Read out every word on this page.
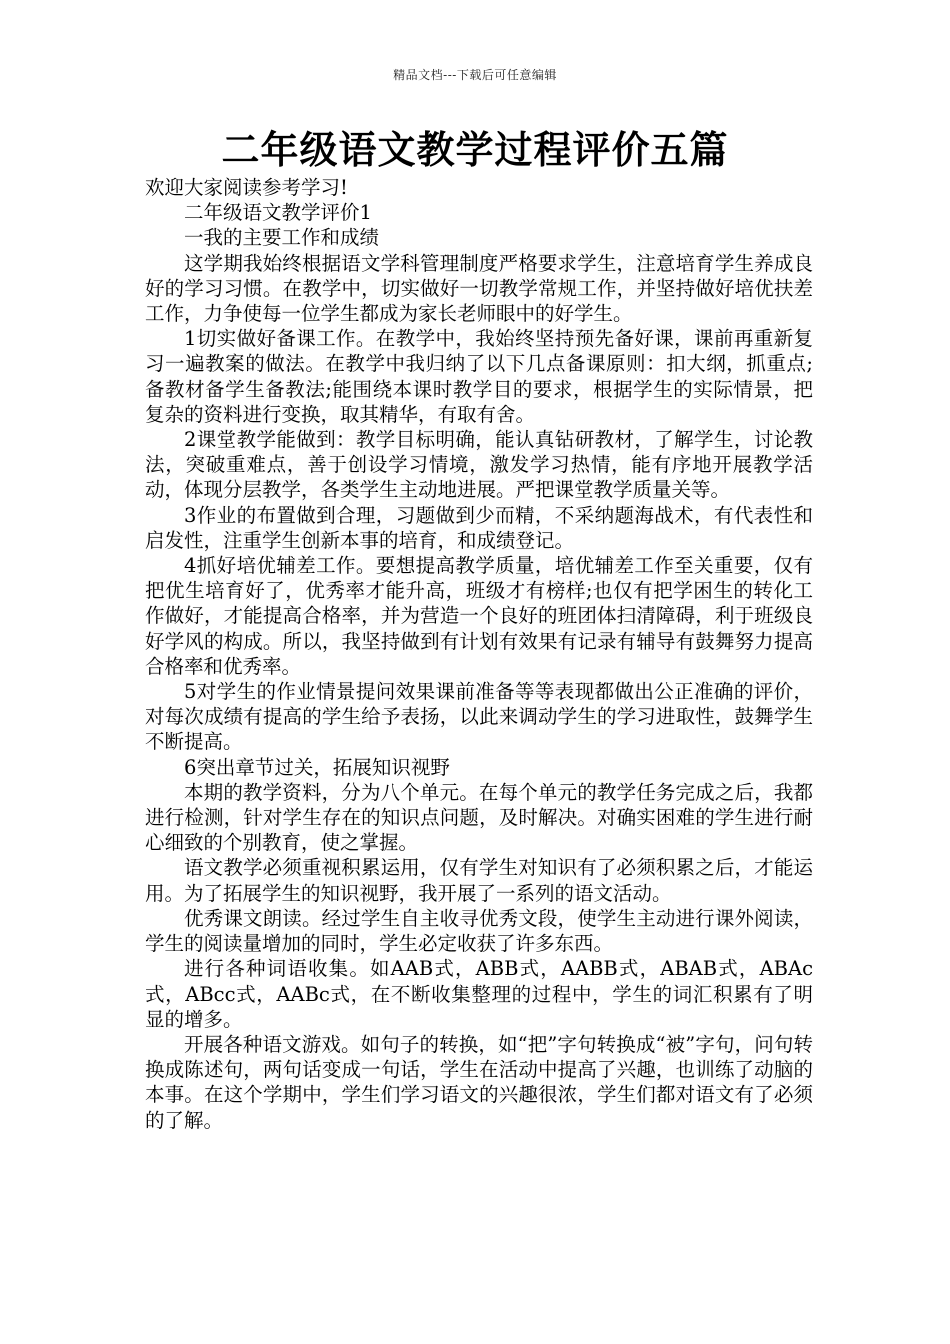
精品文档---下载后可任意编辑
二年级语文教学过程评价五篇

欢迎大家阅读参考学习!

二年级语文教学评价1

一我的主要工作和成绩

这学期我始终根据语文学科管理制度严格要求学生，注意培育学生养成良好的学习习惯。在教学中，切实做好一切教学常规工作，并坚持做好培优扶差工作，力争使每一位学生都成为家长老师眼中的好学生。

1切实做好备课工作。在教学中，我始终坚持预先备好课，课前再重新复习一遍教案的做法。在教学中我归纳了以下几点备课原则：扣大纲，抓重点;备教材备学生备教法;能围绕本课时教学目的要求，根据学生的实际情景，把复杂的资料进行变换，取其精华，有取有舍。

2课堂教学能做到：教学目标明确，能认真钻研教材，了解学生，讨论教法，突破重难点，善于创设学习情境，激发学习热情，能有序地开展教学活动，体现分层教学，各类学生主动地进展。严把课堂教学质量关等。

3作业的布置做到合理，习题做到少而精，不采纳题海战术，有代表性和启发性，注重学生创新本事的培育，和成绩登记。

4抓好培优辅差工作。要想提高教学质量，培优辅差工作至关重要，仅有把优生培育好了，优秀率才能升高，班级才有榜样;也仅有把学困生的转化工作做好，才能提高合格率，并为营造一个良好的班团体扫清障碍，利于班级良好学风的构成。所以，我坚持做到有计划有效果有记录有辅导有鼓舞努力提高合格率和优秀率。

5对学生的作业情景提问效果课前准备等等表现都做出公正准确的评价，对每次成绩有提高的学生给予表扬，以此来调动学生的学习进取性，鼓舞学生不断提高。

6突出章节过关，拓展知识视野

本期的教学资料，分为八个单元。在每个单元的教学任务完成之后，我都进行检测，针对学生存在的知识点问题，及时解决。对确实困难的学生进行耐心细致的个别教育，使之掌握。

语文教学必须重视积累运用，仅有学生对知识有了必须积累之后，才能运用。为了拓展学生的知识视野，我开展了一系列的语文活动。

优秀课文朗读。经过学生自主收寻优秀文段，使学生主动进行课外阅读，学生的阅读量增加的同时，学生必定收获了许多东西。

进行各种词语收集。如AAB式，ABB式，AABB式，ABAB式，ABAc式，ABcc式，AABc式，在不断收集整理的过程中，学生的词汇积累有了明显的增多。

开展各种语文游戏。如句子的转换，如“把”字句转换成“被”字句，问句转换成陈述句，两句话变成一句话，学生在活动中提高了兴趣，也训练了动脑的本事。在这个学期中，学生们学习语文的兴趣很浓，学生们都对语文有了必须的了解。
